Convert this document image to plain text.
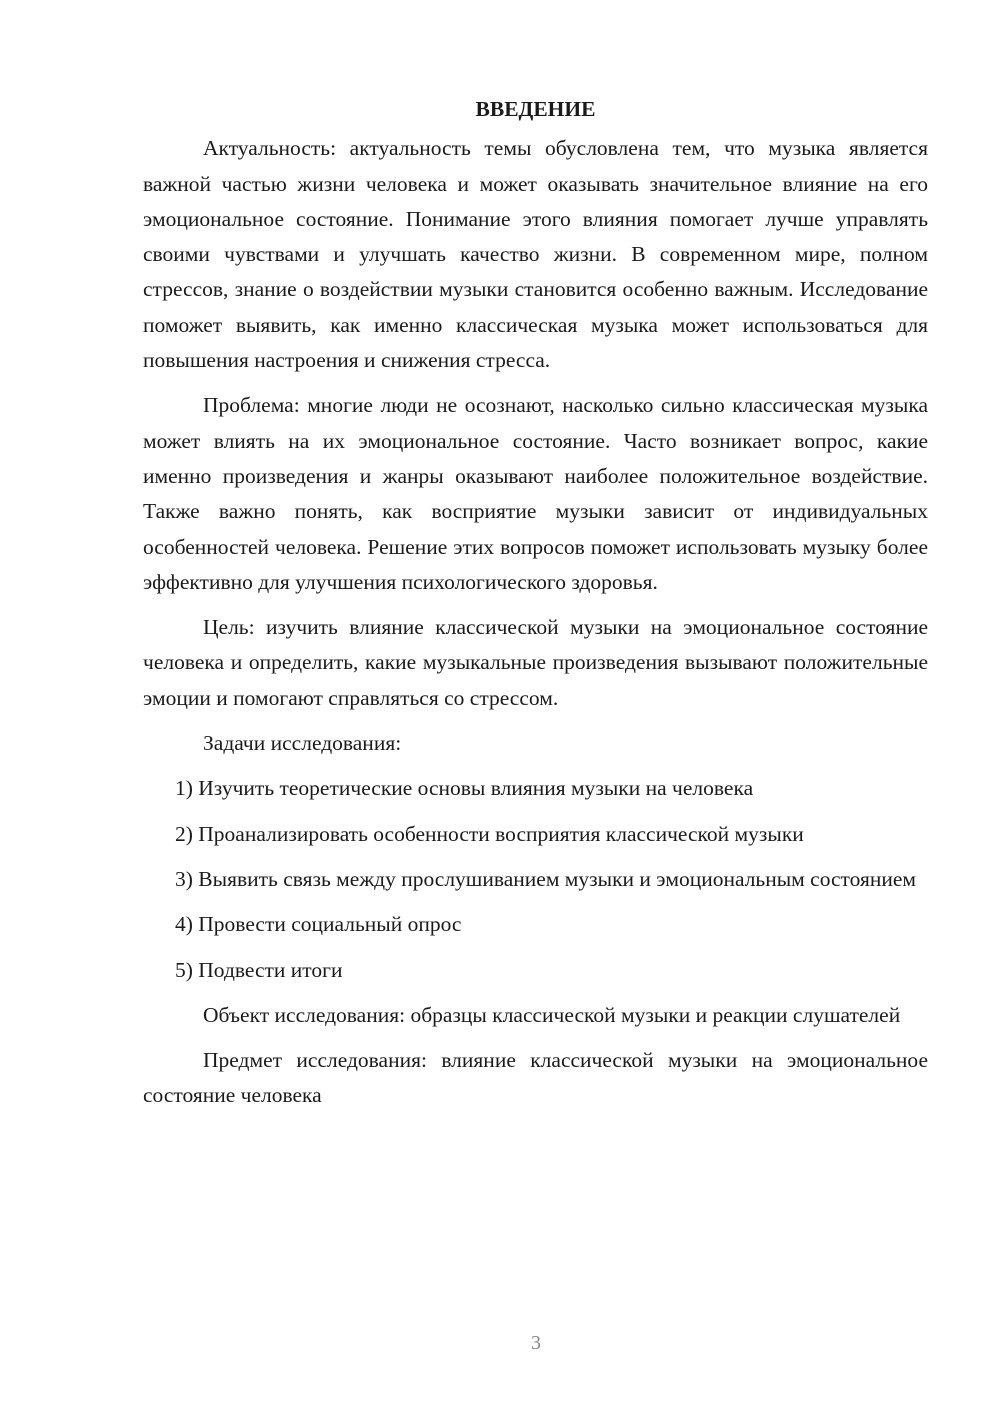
ВВЕДЕНИЕ

Актуальность: актуальность темы обусловлена тем, что музыка является важной частью жизни человека и может оказывать значительное влияние на его эмоциональное состояние. Понимание этого влияния помогает лучше управлять своими чувствами и улучшать качество жизни. В современном мире, полном стрессов, знание о воздействии музыки становится особенно важным. Исследование поможет выявить, как именно классическая музыка может использоваться для повышения настроения и снижения стресса.

Проблема: многие люди не осознают, насколько сильно классическая музыка может влиять на их эмоциональное состояние. Часто возникает вопрос, какие именно произведения и жанры оказывают наиболее положительное воздействие. Также важно понять, как восприятие музыки зависит от индивидуальных особенностей человека. Решение этих вопросов поможет использовать музыку более эффективно для улучшения психологического здоровья.

Цель: изучить влияние классической музыки на эмоциональное состояние человека и определить, какие музыкальные произведения вызывают положительные эмоции и помогают справляться со стрессом.

Задачи исследования:

1) Изучить теоретические основы влияния музыки на человека

2) Проанализировать особенности восприятия классической музыки

3) Выявить связь между прослушиванием музыки и эмоциональным состоянием

4) Провести социальный опрос

5) Подвести итоги

Объект исследования: образцы классической музыки и реакции слушателей

Предмет исследования: влияние классической музыки на эмоциональное состояние человека

3
